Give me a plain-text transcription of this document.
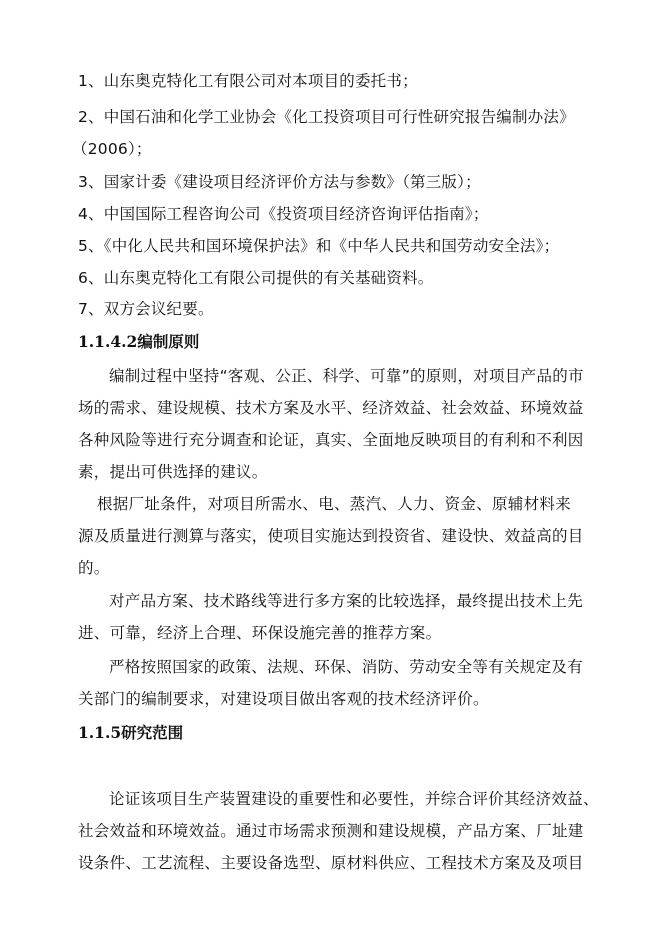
1、山东奥克特化工有限公司对本项目的委托书；
2、中国石油和化学工业协会《化工投资项目可行性研究报告编制办法》
（2006）；
3、国家计委《建设项目经济评价方法与参数》（第三版）；
4、中国国际工程咨询公司《投资项目经济咨询评估指南》；
5、《中化人民共和国环境保护法》和《中华人民共和国劳动安全法》；
6、山东奥克特化工有限公司提供的有关基础资料。
7、双方会议纪要。
1.1.4.2编制原则
编制过程中坚持“客观、公正、科学、可靠”的原则，对项目产品的市
场的需求、建设规模、技术方案及水平、经济效益、社会效益、环境效益
各种风险等进行充分调查和论证，真实、全面地反映项目的有利和不利因
素，提出可供选择的建议。
根据厂址条件，对项目所需水、电、蒸汽、人力、资金、原辅材料来
源及质量进行测算与落实，使项目实施达到投资省、建设快、效益高的目
的。
对产品方案、技术路线等进行多方案的比较选择，最终提出技术上先
进、可靠，经济上合理、环保设施完善的推荐方案。
严格按照国家的政策、法规、环保、消防、劳动安全等有关规定及有
关部门的编制要求，对建设项目做出客观的技术经济评价。
1.1.5研究范围
论证该项目生产装置建设的重要性和必要性，并综合评价其经济效益、
社会效益和环境效益。通过市场需求预测和建设规模，产品方案、厂址建
设条件、工艺流程、主要设备选型、原材料供应、工程技术方案及及项目
